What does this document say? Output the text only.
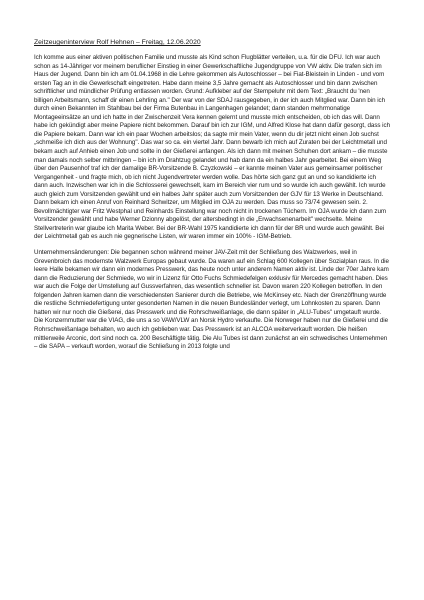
Zeitzeugeninterview Rolf Hehnen – Freitag, 12.06.2020

Ich komme aus einer aktiven politischen Familie und musste als Kind schon Flugblätter verteilen, u.a. für die DFU. Ich war auch schon as 14-Jähriger vor meinem beruflicher Einstieg in einer Gewerkschaftliche Jugendgruppe von VW aktiv. Die trafen sich im Haus der Jugend. Dann bin ich am 01.04.1968 in die Lehre gekommen als Autoschlosser – bei Fiat-Bleistein in Linden - und vom ersten Tag an in die Gewerkschaft eingetreten. Habe dann meine 3,5 Jahre gemacht als Autoschlosser und bin dann zwischen schriftlicher und mündlicher Prüfung entlassen worden. Grund: Aufkleber auf der Stempeluhr mit dem Text: „Braucht du 'nen billigen Arbeitsmann, schaff dir einen Lehrling an." Der war von der SDAJ rausgegeben, in der ich auch Mitglied war. Dann bin ich durch einen Bekannten im Stahlbau bei der Firma Butenbau in Langenhagen gelandet; dann standen mehrmonatige Montageeinsätze an und ich hatte in der Zwischenzeit Vera kennen gelernt und musste mich entscheiden, ob ich das will. Dann habe ich gekündigt aber meine Papiere nicht bekommen. Darauf bin ich zur IGM, und Alfred Klose hat dann dafür gesorgt, dass ich die Papiere bekam. Dann war ich ein paar Wochen arbeitslos; da sagte mir mein Vater, wenn du dir jetzt nicht einen Job suchst „schmeiße ich dich aus der Wohnung". Das war so ca. ein viertel Jahr. Dann bewarb ich mich auf Zuraten bei der Leichtmetall und bekam auch auf Anhieb einen Job und sollte in der Gießerei anfangen. Als ich dann mit meinen Schuhen dort ankam – die musste man damals noch selber mitbringen – bin ich im Drahtzug gelandet und hab dann da ein halbes Jahr gearbeitet. Bei einem Weg über den Pausenhof traf ich der damalige BR-Vorsitzende B. Czyzkowski – er kannte meinen Vater aus gemeinsamer politischer Vergangenheit - und fragte mich, ob ich nicht Jugendvertreter werden wolle. Das hörte sich ganz gut an und so kandidierte ich dann auch. Inzwischen war ich in die Schlosserei gewechselt, kam im Bereich vier rum und so wurde ich auch gewählt. Ich wurde auch gleich zum Vorsitzenden gewählt und ein halbes Jahr später auch zum Vorsitzenden der GJV für 13 Werke in Deutschland. Dann bekam ich einen Anruf von Reinhard Schwitzer, um Mitglied im OJA zu werden. Das muss so 73/74 gewesen sein. 2. Bevollmächtigter war Fritz Westphal und Reinhards Einstellung war noch nicht in trockenen Tüchern. Im OJA wurde ich dann zum Vorsitzender gewählt und habe Werner Dzionny abgelöst, der altersbedingt in die „Erwachsenenarbeit" wechselte. Meine Stellvertreterin war glaube ich Marita Weber. Bei der BR-Wahl 1975 kandidierte ich dann für der BR und wurde auch gewählt. Bei der Leichtmetall gab es auch nie gegnerische Listen, wir waren immer ein 100% - IGM-Betrieb.

Unternehmensänderungen: Die begannen schon während meiner JAV-Zeit mit der Schließung des Walzwerkes, weil in Grevenbroich das modernste Walzwerk Europas gebaut wurde. Da waren auf ein Schlag 600 Kollegen über Sozialplan raus. In die leere Halle bekamen wir dann ein modernes Presswerk, das heute noch unter anderem Namen aktiv ist. Linde der 70er Jahre kam dann die Reduzierung der Schmiede, wo wir in Lizenz für Otto Fuchs Schmiedefelgen exklusiv für Mercedes gemacht haben. Dies war auch die Folge der Umstellung auf Gussverfahren, das wesentlich schneller ist. Davon waren 220 Kollegen betroffen. In den folgenden Jahren kamen dann die verschiedensten Sanierer durch die Betriebe, wie McKinsey etc. Nach der Grenzöffnung wurde die restliche Schmiedefertigung unter gesonderten Namen in die neuen Bundesländer verlegt, um Lohnkosten zu sparen. Dann hatten wir nur noch die Gießerei, das Presswerk und die Rohrschweißanlage, die dann später in „ALU-Tubes" umgetauft wurde. Die Konzernmutter war die VIAG, die uns a so VAW/VLW an Norsk Hydro verkaufte. Die Norweger haben nur die Gießerei und die Rohrschweißanlage behalten, wo auch ich geblieben war. Das Presswerk ist an ALCOA weiterverkauft worden. Die heißen mittlerweile Arconic, dort sind noch ca. 200 Beschäftigte tätig. Die Alu Tubes ist dann zunächst an ein schwedisches Unternehmen – die SAPA – verkauft worden, worauf die Schließung in 2013 folgte und
